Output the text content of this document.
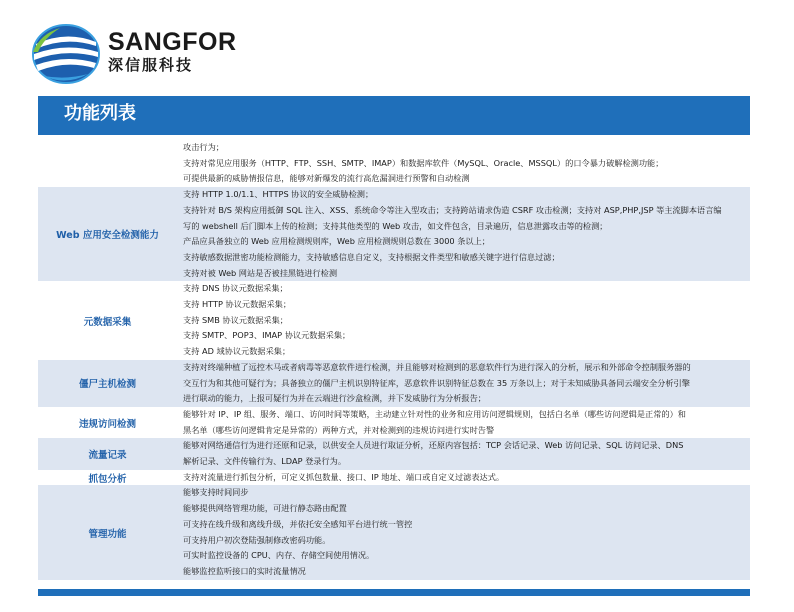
SANGFOR
深信服科技
功能列表
攻击行为；
支持对常见应用服务（HTTP、FTP、SSH、SMTP、IMAP）和数据库软件（MySQL、Oracle、MSSQL）的口令暴力破解检测功能；
可提供最新的威胁情报信息，能够对新爆发的流行高危漏洞进行预警和自动检测
Web 应用安全检测能力
支持 HTTP 1.0/1.1、HTTPS 协议的安全威胁检测；
支持针对 B/S 架构应用抵御 SQL 注入、XSS、系统命令等注入型攻击；支持跨站请求伪造 CSRF 攻击检测；支持对 ASP,PHP,JSP 等主流脚本语言编
写的 webshell 后门脚本上传的检测；支持其他类型的 Web 攻击，如文件包含，目录遍历，信息泄露攻击等的检测；
产品应具备独立的 Web 应用检测规则库，Web 应用检测规则总数在 3000 条以上；
支持敏感数据泄密功能检测能力，支持敏感信息自定义，支持根据文件类型和敏感关键字进行信息过滤；
支持对被 Web 网站是否被挂黑链进行检测
元数据采集
支持 DNS 协议元数据采集；
支持 HTTP 协议元数据采集；
支持 SMB 协议元数据采集；
支持 SMTP、POP3、IMAP 协议元数据采集；
支持 AD 域协议元数据采集；
僵尸主机检测
支持对终端种植了远控木马或者病毒等恶意软件进行检测，并且能够对检测到的恶意软件行为进行深入的分析，展示和外部命令控制服务器的
交互行为和其他可疑行为；具备独立的僵尸主机识别特征库，恶意软件识别特征总数在 35 万条以上；对于未知威胁具备同云端安全分析引擎
进行联动的能力，上报可疑行为并在云端进行沙盒检测，并下发威胁行为分析报告；
违规访问检测
能够针对 IP、IP 组、服务、端口、访问时间等策略，主动建立针对性的业务和应用访问逻辑规则，包括白名单（哪些访问逻辑是正常的）和
黑名单（哪些访问逻辑肯定是异常的）两种方式，并对检测到的违规访问进行实时告警
流量记录
能够对网络通信行为进行还原和记录，以供安全人员进行取证分析，还原内容包括：TCP 会话记录、Web 访问记录、SQL 访问记录、DNS
解析记录、文件传输行为、LDAP 登录行为。
抓包分析	支持对流量进行抓包分析，可定义抓包数量、接口、IP 地址、端口或自定义过滤表达式。
管理功能
能够支持时间同步
能够提供网络管理功能，可进行静态路由配置
可支持在线升级和离线升级，并依托安全感知平台进行统一管控
可支持用户初次登陆强制修改密码功能。
可实时监控设备的 CPU、内存、存储空间使用情况。
能够监控监听接口的实时流量情况
